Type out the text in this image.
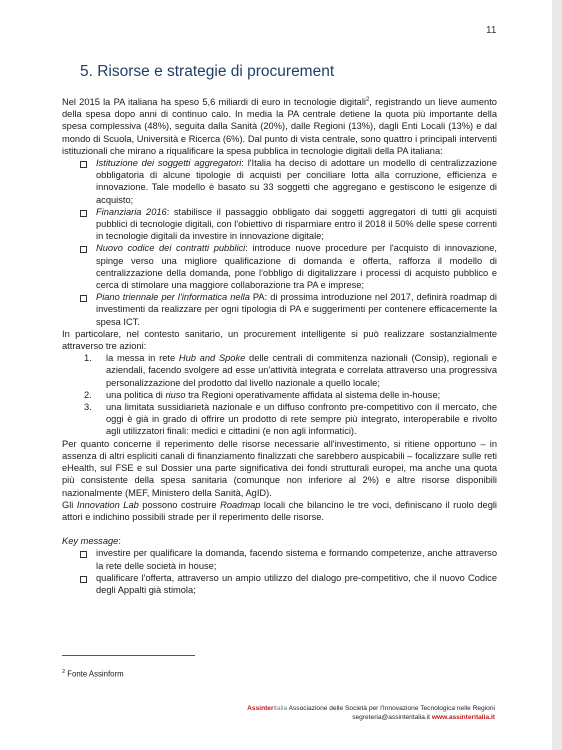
11
5. Risorse e strategie di procurement

Nel 2015 la PA italiana ha speso 5,6 miliardi di euro in tecnologie digitali$^2$, registrando un lieve aumento della spesa dopo anni di continuo calo. In media la PA centrale detiene la quota più importante della spesa complessiva (48%), seguita dalla Sanità (20%), dalle Regioni (13%), dagli Enti Locali (13%) e dal mondo di Scuola, Università e Ricerca (6%). Dal punto di vista centrale, sono quattro i principali interventi istituzionali che mirano a riqualificare la spesa pubblica in tecnologie digitali della PA italiana:

Istituzione dei soggetti aggregatori: l'Italia ha deciso di adottare un modello di centralizzazione obbligatoria di alcune tipologie di acquisti per conciliare lotta alla corruzione, efficienza e innovazione. Tale modello è basato su 33 soggetti che aggregano e gestiscono le esigenze di acquisto;
Finanziaria 2016: stabilisce il passaggio obbligato dai soggetti aggregatori di tutti gli acquisti pubblici di tecnologie digitali, con l'obiettivo di risparmiare entro il 2018 il 50% delle spese correnti in tecnologie digitali da investire in innovazione digitale;
Nuovo codice dei contratti pubblici: introduce nuove procedure per l'acquisto di innovazione, spinge verso una migliore qualificazione di domanda e offerta, rafforza il modello di centralizzazione della domanda, pone l'obbligo di digitalizzare i processi di acquisto pubblico e cerca di stimolare una maggiore collaborazione tra PA e imprese;
Piano triennale per l'informatica nella PA: di prossima introduzione nel 2017, definirà roadmap di investimenti da realizzare per ogni tipologia di PA e suggerimenti per contenere efficacemente la spesa ICT.

In particolare, nel contesto sanitario, un procurement intelligente si può realizzare sostanzialmente attraverso tre azioni:

1. la messa in rete Hub and Spoke delle centrali di commitenza nazionali (Consip), regionali e aziendali, facendo svolgere ad esse un'attività integrata e correlata attraverso una progressiva personalizzazione del prodotto dal livello nazionale a quello locale;
2. una politica di riuso tra Regioni operativamente affidata al sistema delle in-house;
3. una limitata sussidiarietà nazionale e un diffuso confronto pre-competitivo con il mercato, che oggi è già in grado di offrire un prodotto di rete sempre più integrato, interoperabile e rivolto agli utilizzatori finali: medici e cittadini (e non agli informatici).

Per quanto concerne il reperimento delle risorse necessarie all'investimento, si ritiene opportuno – in assenza di altri espliciti canali di finanziamento finalizzati che sarebbero auspicabili – focalizzare sulle reti eHealth, sul FSE e sul Dossier una parte significativa dei fondi strutturali europei, ma anche una quota più consistente della spesa sanitaria (comunque non inferiore al 2%) e altre risorse disponibili nazionalmente (MEF, Ministero della Sanità, AgID).

Gli Innovation Lab possono costruire Roadmap locali che bilancino le tre voci, definiscano il ruolo degli attori e indichino possibili strade per il reperimento delle risorse.

Key message:

investire per qualificare la domanda, facendo sistema e formando competenze, anche attraverso la rete delle società in house;
qualificare l'offerta, attraverso un ampio utilizzo del dialogo pre-competitivo, che il nuovo Codice degli Appalti già stimola;
$^2$ Fonte Assinform
Assinteritalia Associazione delle Società per l'Innovazione Tecnologica nelle Regioni
segreteria@assinteritalia.it www.assinteritalia.it
